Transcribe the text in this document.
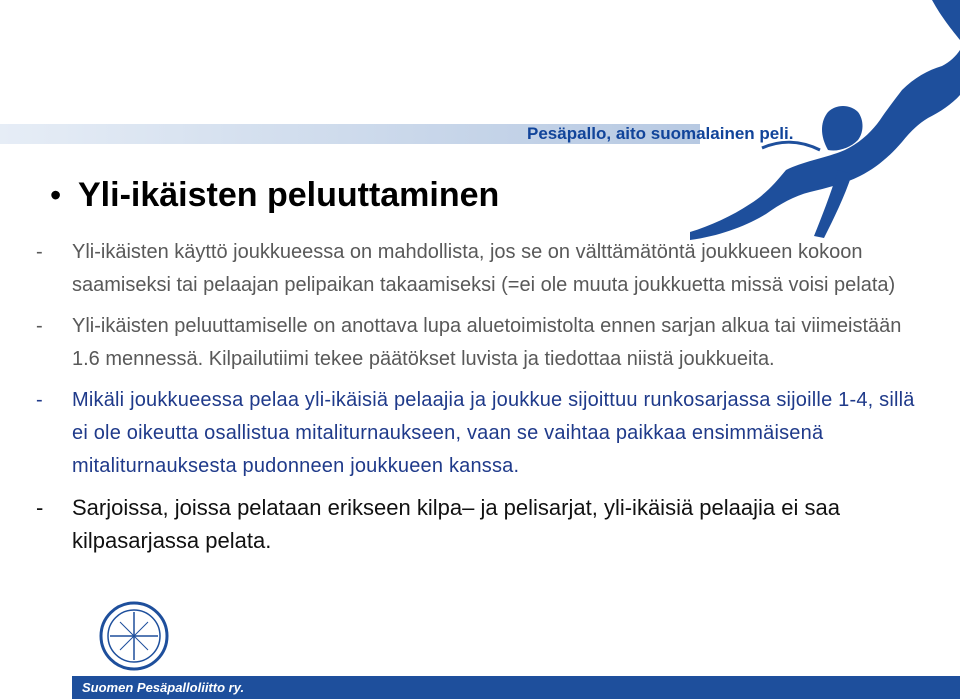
Pesäpallo, aito suomalainen peli.
• Yli-ikäisten peluuttaminen
-	Yli-ikäisten käyttö joukkueessa on mahdollista, jos se on välttämätöntä joukkueen kokoon saamiseksi tai pelaajan pelipaikan takaamiseksi (=ei ole muuta joukkuetta missä voisi pelata)
-	Yli-ikäisten peluuttamiselle on anottava lupa aluetoimistolta ennen sarjan alkua tai viimeistään 1.6 mennessä. Kilpailutiimi tekee päätökset luvista ja tiedottaa niistä joukkueita.
-	Mikäli joukkueessa pelaa yli-ikäisiä pelaajia ja joukkue sijoittuu runkosarjassa sijoille 1-4, sillä ei ole oikeutta osallistua mitaliturnaukseen, vaan se vaihtaa paikkaa ensimmäisenä mitaliturnauksesta pudonneen joukkueen kanssa.
-	Sarjoissa, joissa pelataan erikseen kilpa– ja pelisarjat, yli-ikäisiä pelaajia ei saa kilpasarjassa pelata.
Suomen Pesäpalloliitto ry.
